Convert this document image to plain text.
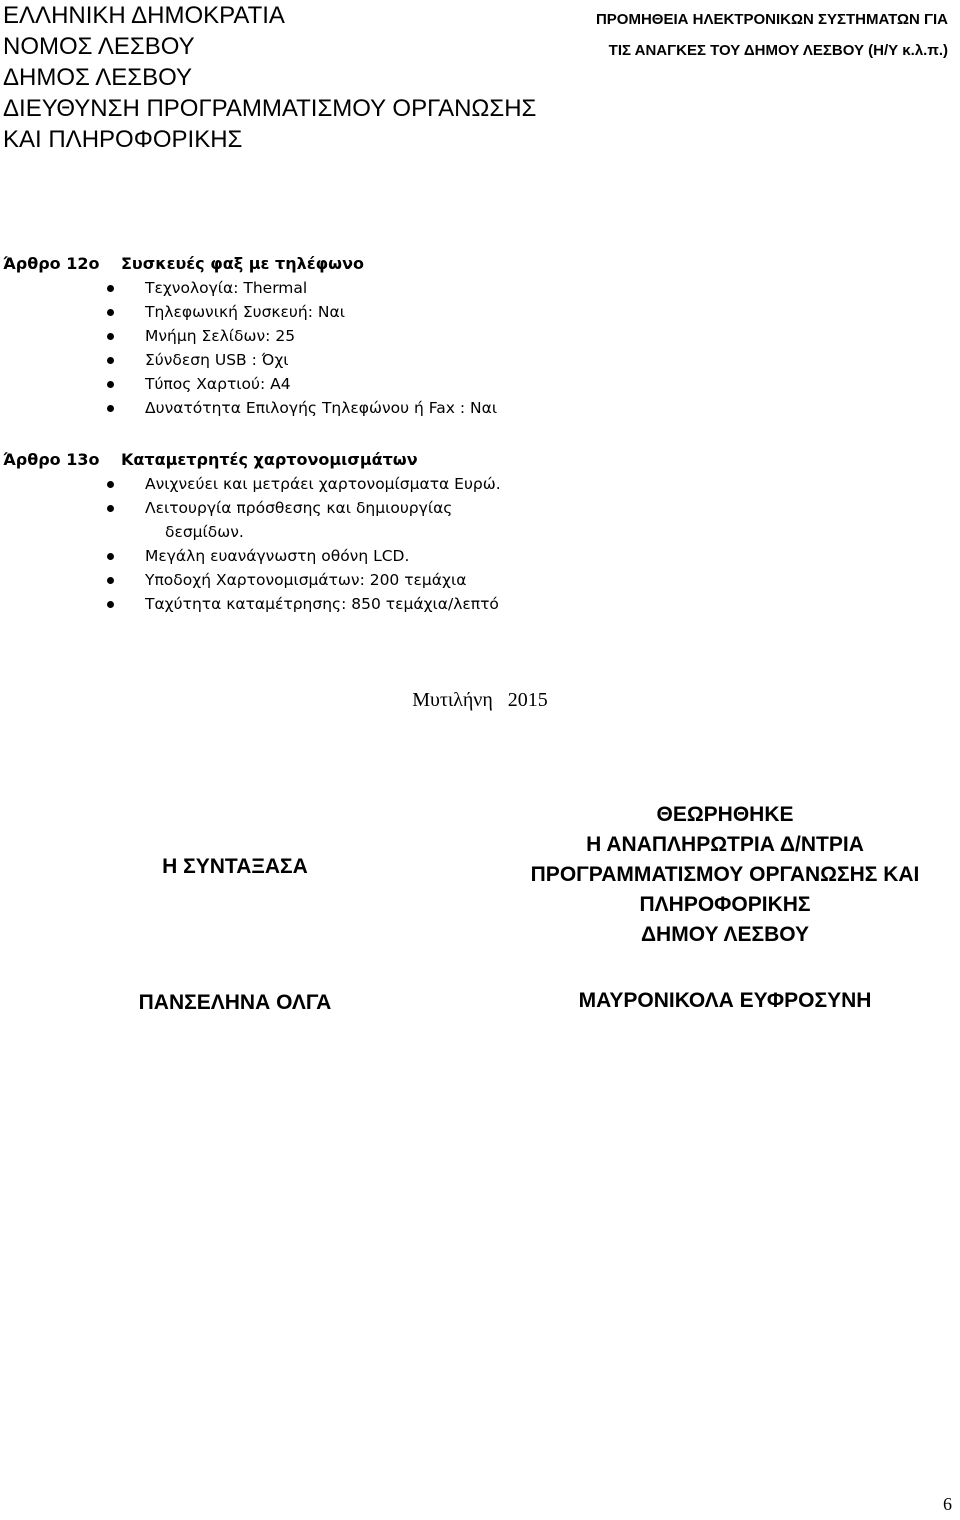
ΕΛΛΗΝΙΚΗ ΔΗΜΟΚΡΑΤΙΑ
ΝΟΜΟΣ ΛΕΣΒΟΥ
ΔΗΜΟΣ ΛΕΣΒΟΥ
ΔΙΕΥΘΥΝΣΗ ΠΡΟΓΡΑΜΜΑΤΙΣΜΟΥ ΟΡΓΑΝΩΣΗΣ
ΚΑΙ ΠΛΗΡΟΦΟΡΙΚΗΣ
ΠΡΟΜΗΘΕΙΑ ΗΛΕΚΤΡΟΝΙΚΩΝ ΣΥΣΤΗΜΑΤΩΝ ΓΙΑ
ΤΙΣ ΑΝΑΓΚΕΣ ΤΟΥ ΔΗΜΟΥ ΛΕΣΒΟΥ (Η/Υ κ.λ.π.)
Άρθρο 12ο Συσκευές φαξ με τηλέφωνο
Τεχνολογία: Thermal
Τηλεφωνική Συσκευή: Ναι
Μνήμη Σελίδων: 25
Σύνδεση USB : Όχι
Τύπος Χαρτιού: A4
Δυνατότητα Επιλογής Τηλεφώνου ή Fax : Ναι
Άρθρο 13ο Καταμετρητές χαρτονομισμάτων
Ανιχνεύει και μετράει χαρτονομίσματα Ευρώ.
Λειτουργία πρόσθεσης και δημιουργίας
δεσμίδων.
Μεγάλη ευανάγνωστη οθόνη LCD.
Υποδοχή Χαρτονομισμάτων: 200 τεμάχια
Ταχύτητα καταμέτρησης: 850 τεμάχια/λεπτό
Μυτιλήνη   2015
Η ΣΥΝΤΑΞΑΣΑ
ΠΑΝΣΕΛΗΝΑ ΟΛΓΑ
ΘΕΩΡΗΘΗΚΕ
Η ΑΝΑΠΛΗΡΩΤΡΙΑ Δ/ΝΤΡΙΑ
ΠΡΟΓΡΑΜΜΑΤΙΣΜΟΥ ΟΡΓΑΝΩΣΗΣ ΚΑΙ
ΠΛΗΡΟΦΟΡΙΚΗΣ
ΔΗΜΟΥ ΛΕΣΒΟΥ
ΜΑΥΡΟΝΙΚΟΛΑ ΕΥΦΡΟΣΥΝΗ
6
